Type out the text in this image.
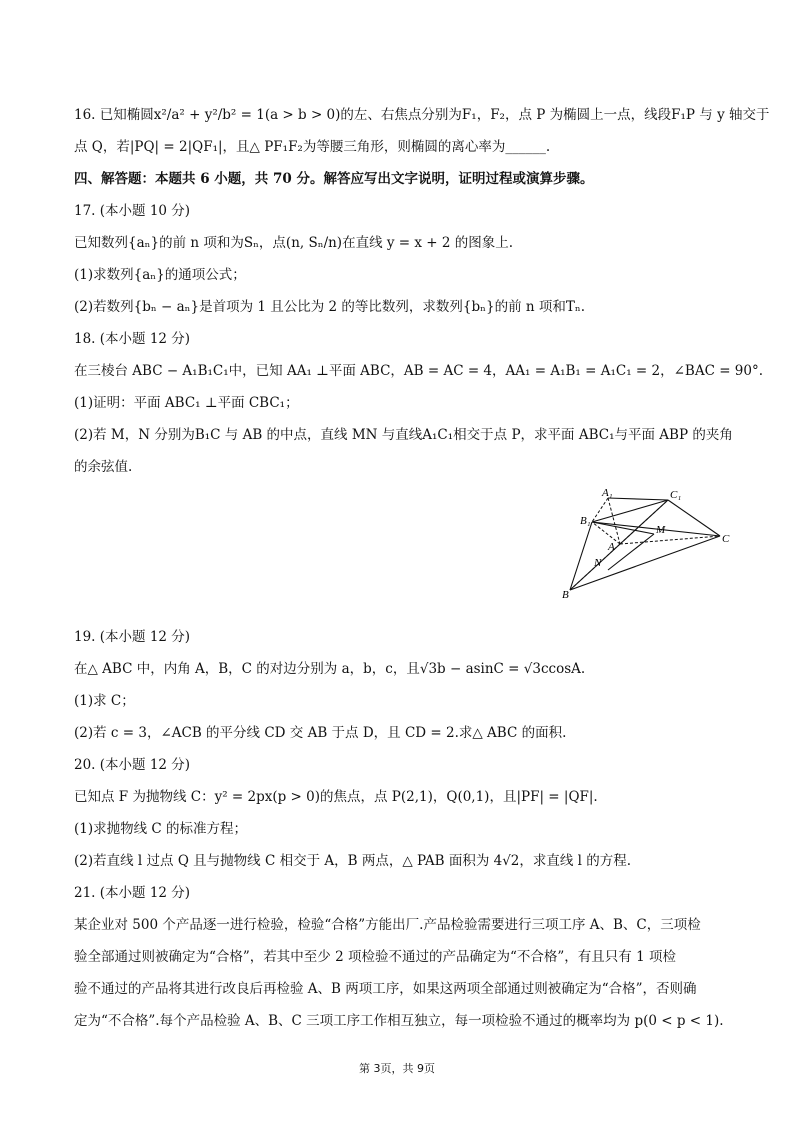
16. 已知椭圆x²/a² + y²/b² = 1(a > b > 0)的左、右焦点分别为F₁，F₂，点 P 为椭圆上一点，线段F₁P 与 y 轴交于

点 Q，若|PQ| = 2|QF₁|，且△ PF₁F₂为等腰三角形，则椭圆的离心率为______.

四、解答题：本题共 6 小题，共 70 分。解答应写出文字说明，证明过程或演算步骤。

17. (本小题 10 分)

已知数列{aₙ}的前 n 项和为Sₙ，点(n, Sₙ/n)在直线 y = x + 2 的图象上.

(1)求数列{aₙ}的通项公式；

(2)若数列{bₙ − aₙ}是首项为 1 且公比为 2 的等比数列，求数列{bₙ}的前 n 项和Tₙ.

18. (本小题 12 分)

在三棱台 ABC − A₁B₁C₁中，已知 AA₁ ⊥平面 ABC，AB = AC = 4，AA₁ = A₁B₁ = A₁C₁ = 2，∠BAC = 90°.

(1)证明：平面 ABC₁ ⊥平面 CBC₁；

(2)若 M，N 分别为B₁C 与 AB 的中点，直线 MN 与直线A₁C₁相交于点 P，求平面 ABC₁与平面 ABP 的夹角

的余弦值.

19. (本小题 12 分)

在△ ABC 中，内角 A，B，C 的对边分别为 a，b，c，且√3b − asinC = √3ccosA.

(1)求 C；

(2)若 c = 3，∠ACB 的平分线 CD 交 AB 于点 D，且 CD = 2.求△ ABC 的面积.

20. (本小题 12 分)

已知点 F 为抛物线 C：y² = 2px(p > 0)的焦点，点 P(2,1)，Q(0,1)，且|PF| = |QF|.

(1)求抛物线 C 的标准方程；

(2)若直线 l 过点 Q 且与抛物线 C 相交于 A，B 两点，△ PAB 面积为 4√2，求直线 l 的方程.

21. (本小题 12 分)

某企业对 500 个产品逐一进行检验，检验“合格”方能出厂.产品检验需要进行三项工序 A、B、C，三项检

验全部通过则被确定为“合格”，若其中至少 2 项检验不通过的产品确定为“不合格”，有且只有 1 项检

验不通过的产品将其进行改良后再检验 A、B 两项工序，如果这两项全部通过则被确定为“合格”，否则确

定为“不合格”.每个产品检验 A、B、C 三项工序工作相互独立，每一项检验不通过的概率均为 p(0 < p < 1).

A₁	C₁
B₁
M
A
N
C
B
第 3页，共 9页
